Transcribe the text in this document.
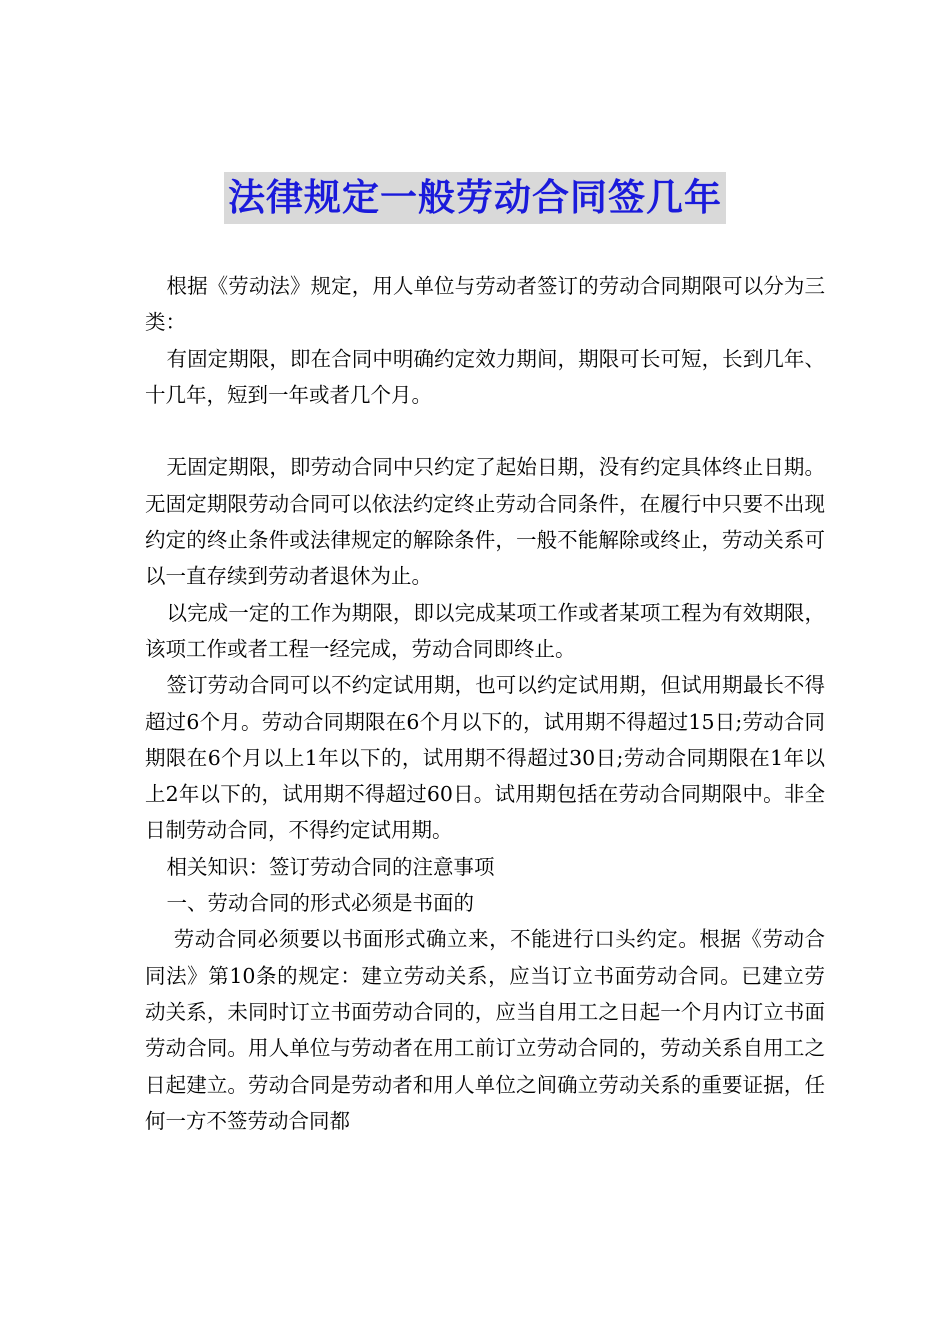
法律规定一般劳动合同签几年

根据《劳动法》规定，用人单位与劳动者签订的劳动合同期限可以分为三类：

有固定期限，即在合同中明确约定效力期间，期限可长可短，长到几年、十几年，短到一年或者几个月。

无固定期限，即劳动合同中只约定了起始日期，没有约定具体终止日期。无固定期限劳动合同可以依法约定终止劳动合同条件，在履行中只要不出现约定的终止条件或法律规定的解除条件，一般不能解除或终止，劳动关系可以一直存续到劳动者退休为止。

以完成一定的工作为期限，即以完成某项工作或者某项工程为有效期限，该项工作或者工程一经完成，劳动合同即终止。

签订劳动合同可以不约定试用期，也可以约定试用期，但试用期最长不得超过6个月。劳动合同期限在6个月以下的，试用期不得超过15日;劳动合同期限在6个月以上1年以下的，试用期不得超过30日;劳动合同期限在1年以上2年以下的，试用期不得超过60日。试用期包括在劳动合同期限中。非全日制劳动合同，不得约定试用期。

相关知识：签订劳动合同的注意事项

一、劳动合同的形式必须是书面的

劳动合同必须要以书面形式确立来，不能进行口头约定。根据《劳动合同法》第10条的规定：建立劳动关系，应当订立书面劳动合同。已建立劳动关系，未同时订立书面劳动合同的，应当自用工之日起一个月内订立书面劳动合同。用人单位与劳动者在用工前订立劳动合同的，劳动关系自用工之日起建立。劳动合同是劳动者和用人单位之间确立劳动关系的重要证据，任何一方不签劳动合同都
